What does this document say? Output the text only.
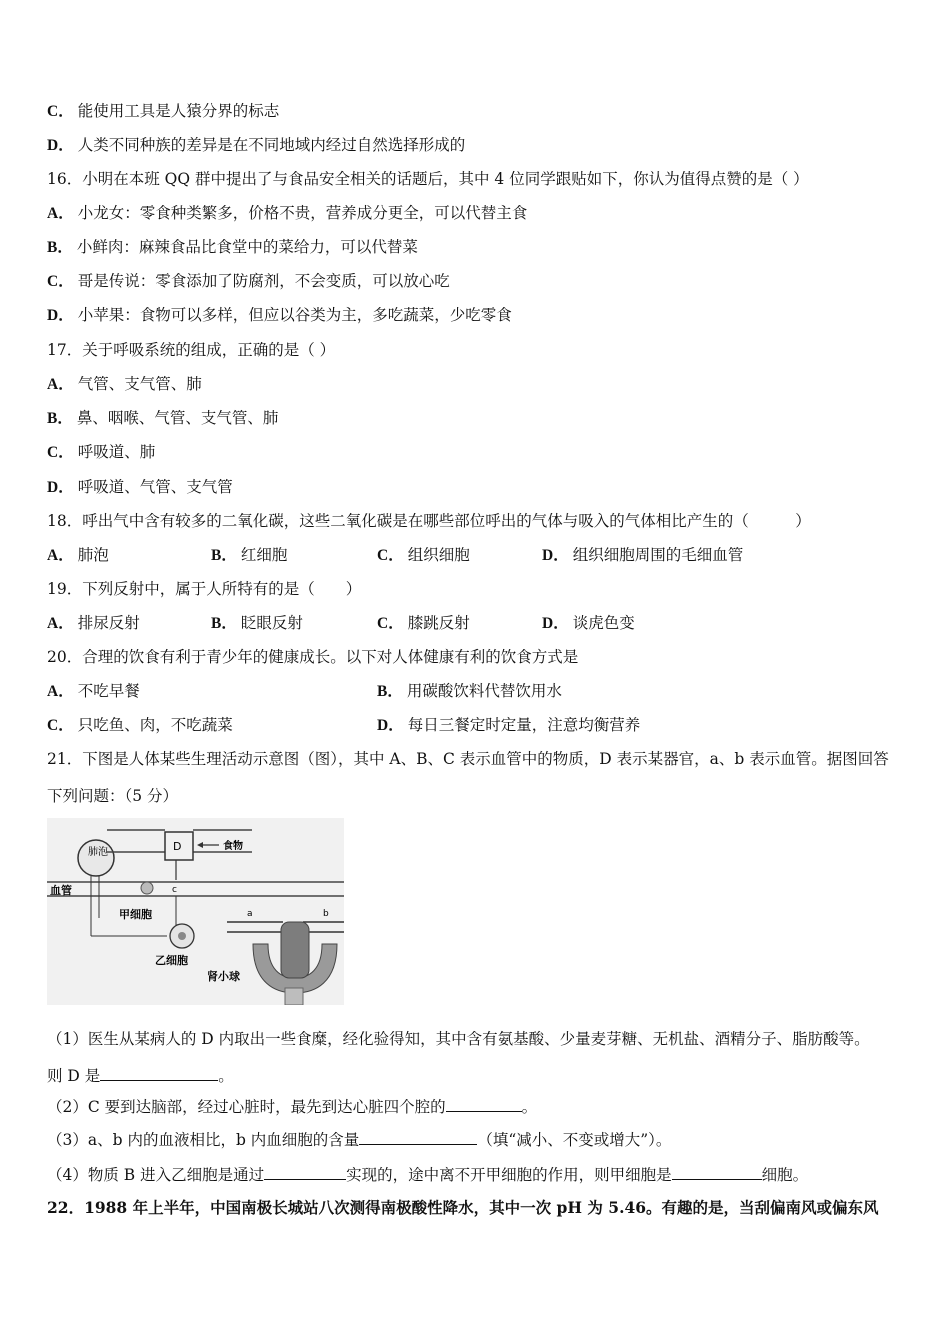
C． 能使用工具是人猿分界的标志
D． 人类不同种族的差异是在不同地域内经过自然选择形成的
16．小明在本班 QQ 群中提出了与食品安全相关的话题后，其中 4 位同学跟贴如下，你认为值得点赞的是（ ）
A． 小龙女：零食种类繁多，价格不贵，营养成分更全，可以代替主食
B． 小鲜肉：麻辣食品比食堂中的菜给力，可以代替菜
C． 哥是传说：零食添加了防腐剂，不会变质，可以放心吃
D． 小苹果：食物可以多样，但应以谷类为主，多吃蔬菜，少吃零食
17．关于呼吸系统的组成，正确的是（ ）
A． 气管、支气管、肺
B． 鼻、咽喉、气管、支气管、肺
C． 呼吸道、肺
D． 呼吸道、气管、支气管
18．呼出气中含有较多的二氧化碳，这些二氧化碳是在哪些部位呼出的气体与吸入的气体相比产生的（　　　）
A． 肺泡	B． 红细胞	C． 组织细胞	D． 组织细胞周围的毛细血管
19．下列反射中，属于人所特有的是（　　）
A． 排尿反射	B． 眨眼反射	C． 膝跳反射	D． 谈虎色变
20．合理的饮食有利于青少年的健康成长。以下对人体健康有利的饮食方式是
A． 不吃早餐	B． 用碳酸饮料代替饮用水
C． 只吃鱼、肉，不吃蔬菜	D． 每日三餐定时定量，注意均衡营养
21．下图是人体某些生理活动示意图（图），其中 A、B、C 表示血管中的物质，D 表示某器官，a、b 表示血管。据图回答
下列问题：（5 分）
肺泡	D	食物
血管	c
甲细胞
乙细胞
a	b
肾小球
（1）医生从某病人的 D 内取出一些食糜，经化验得知，其中含有氨基酸、少量麦芽糖、无机盐、酒精分子、脂肪酸等。
则 D 是	。
（2）C 要到达脑部，经过心脏时，最先到达心脏四个腔的	。
（3）a、b 内的血液相比，b 内血细胞的含量	（填“减小、不变或增大”）。
（4）物质 B 进入乙细胞是通过	实现的，途中离不开甲细胞的作用，则甲细胞是	细胞。
22．1988 年上半年，中国南极长城站八次测得南极酸性降水，其中一次 pH 为 5.46。有趣的是，当刮偏南风或偏东风
